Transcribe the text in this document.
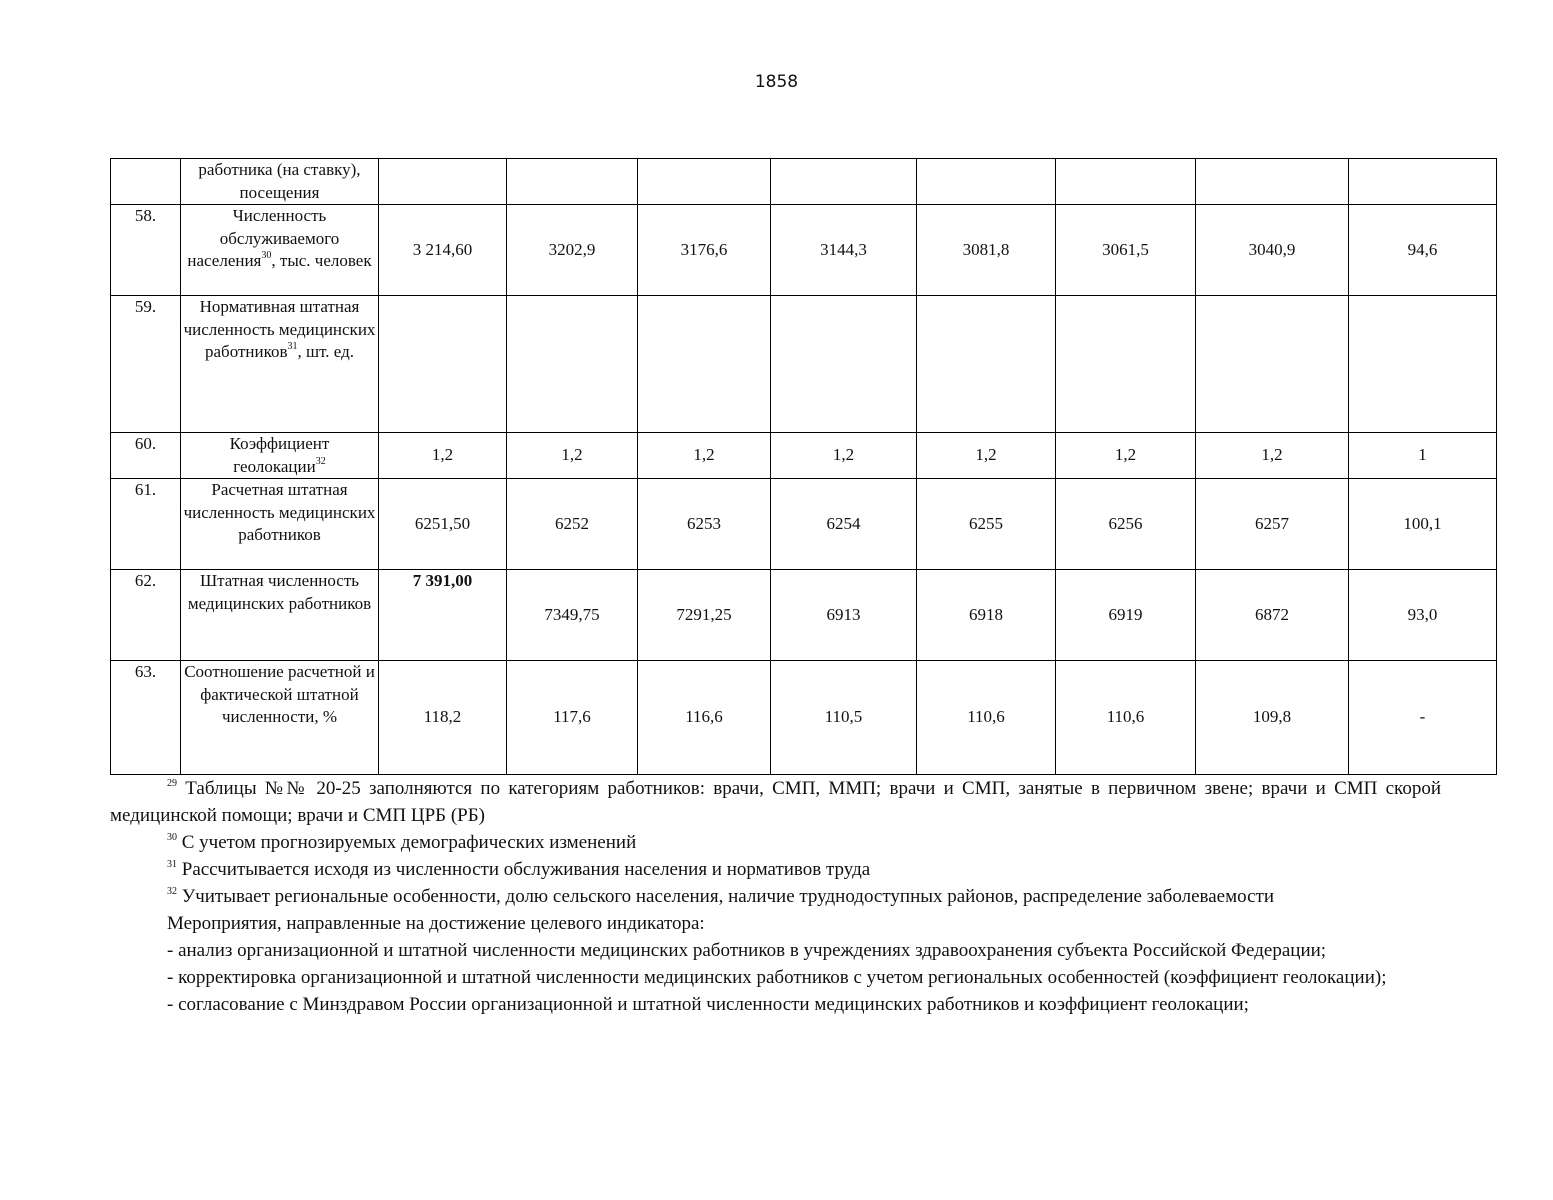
1858
	работника (на ставку), посещения								
58.	Численность обслуживаемого населения$^{30}$, тыс. человек	3 214,60	3202,9	3176,6	3144,3	3081,8	3061,5	3040,9	94,6
59.	Нормативная штатная численность медицинских работников$^{31}$, шт. ед.								
60.	Коэффициент геолокации$^{32}$	1,2	1,2	1,2	1,2	1,2	1,2	1,2	1
61.	Расчетная штатная численность медицинских работников	6251,50	6252	6253	6254	6255	6256	6257	100,1
62.	Штатная численность медицинских работников	7 391,00	7349,75	7291,25	6913	6918	6919	6872	93,0
63.	Соотношение расчетной и фактической штатной численности, %	118,2	117,6	116,6	110,5	110,6	110,6	109,8	-

$^{29}$ Таблицы №№ 20-25 заполняются по категориям работников: врачи, СМП, ММП; врачи и СМП, занятые в первичном звене; врачи и СМП скорой медицинской помощи; врачи и СМП ЦРБ (РБ)

$^{30}$ С учетом прогнозируемых демографических изменений

$^{31}$ Рассчитывается исходя из численности обслуживания населения и нормативов труда

$^{32}$ Учитывает региональные особенности, долю сельского населения, наличие труднодоступных районов, распределение заболеваемости

Мероприятия, направленные на достижение целевого индикатора:

- анализ организационной и штатной численности медицинских работников в учреждениях здравоохранения субъекта Российской Федерации;

- корректировка организационной и штатной численности медицинских работников с учетом региональных особенностей (коэффициент геолокации);

- согласование с Минздравом России организационной и штатной численности медицинских работников и коэффициент геолокации;
